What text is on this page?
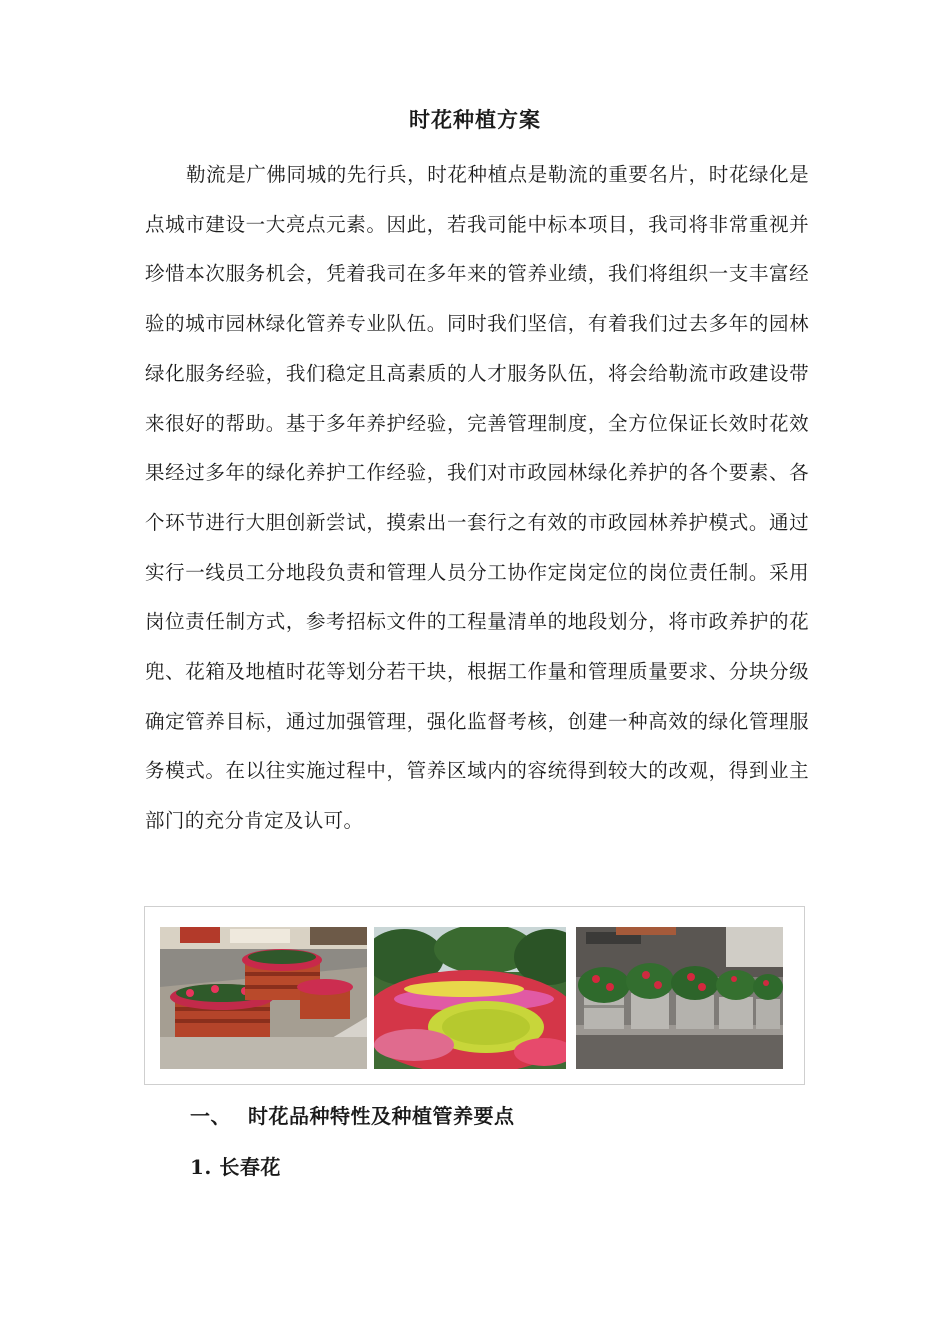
时花种植方案

勒流是广佛同城的先行兵，时花种植点是勒流的重要名片，时花绿化是点城市建设一大亮点元素。因此，若我司能中标本项目，我司将非常重视并珍惜本次服务机会，凭着我司在多年来的管养业绩，我们将组织一支丰富经验的城市园林绿化管养专业队伍。同时我们坚信，有着我们过去多年的园林绿化服务经验，我们稳定且高素质的人才服务队伍，将会给勒流市政建设带来很好的帮助。基于多年养护经验，完善管理制度，全方位保证长效时花效果经过多年的绿化养护工作经验，我们对市政园林绿化养护的各个要素、各个环节进行大胆创新尝试，摸索出一套行之有效的市政园林养护模式。通过实行一线员工分地段负责和管理人员分工协作定岗定位的岗位责任制。采用岗位责任制方式，参考招标文件的工程量清单的地段划分，将市政养护的花兜、花箱及地植时花等划分若干块，根据工作量和管理质量要求、分块分级确定管养目标，通过加强管理，强化监督考核，创建一种高效的绿化管理服务模式。在以往实施过程中，管养区域内的容统得到较大的改观，得到业主部门的充分肯定及认可。

一、 时花品种特性及种植管养要点
1. 长春花
